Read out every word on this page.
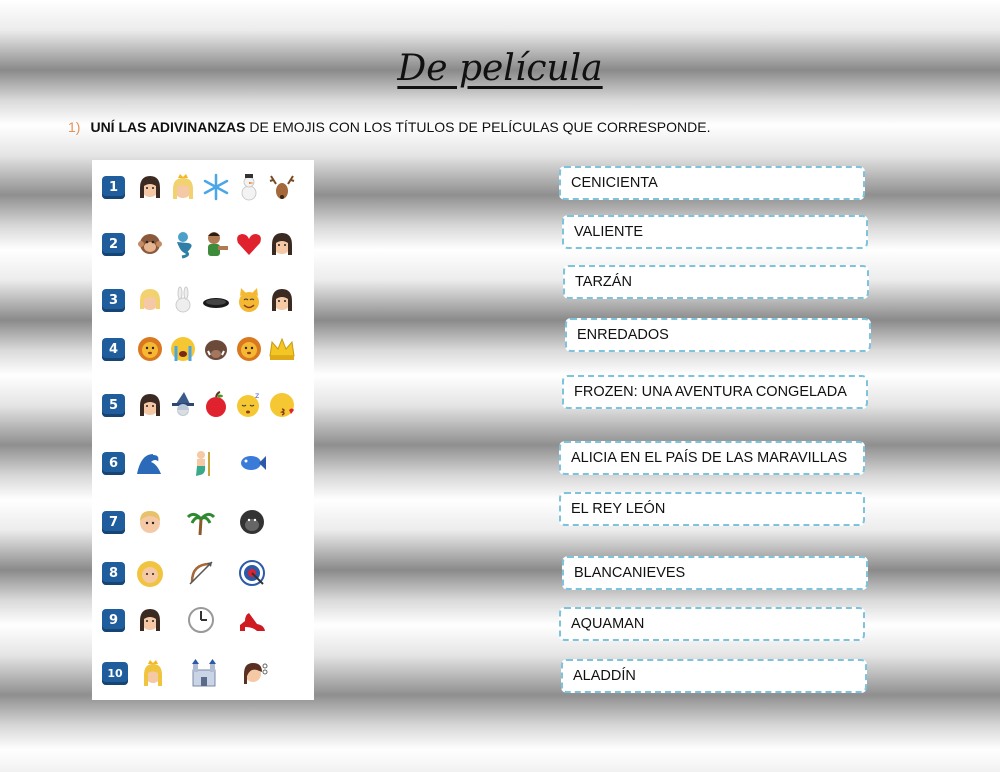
De película
1) UNÍ LAS ADIVINANZAS DE EMOJIS CON LOS TÍTULOS DE PELÍCULAS QUE CORRESPONDE.
1
2
3
4
5
z
6
7
8
9
10
CENICIENTA
VALIENTE
TARZÁN
ENREDADOS
FROZEN: UNA AVENTURA CONGELADA
ALICIA EN EL PAÍS DE LAS MARAVILLAS
EL REY LEÓN
BLANCANIEVES
AQUAMAN
ALADDÍN
